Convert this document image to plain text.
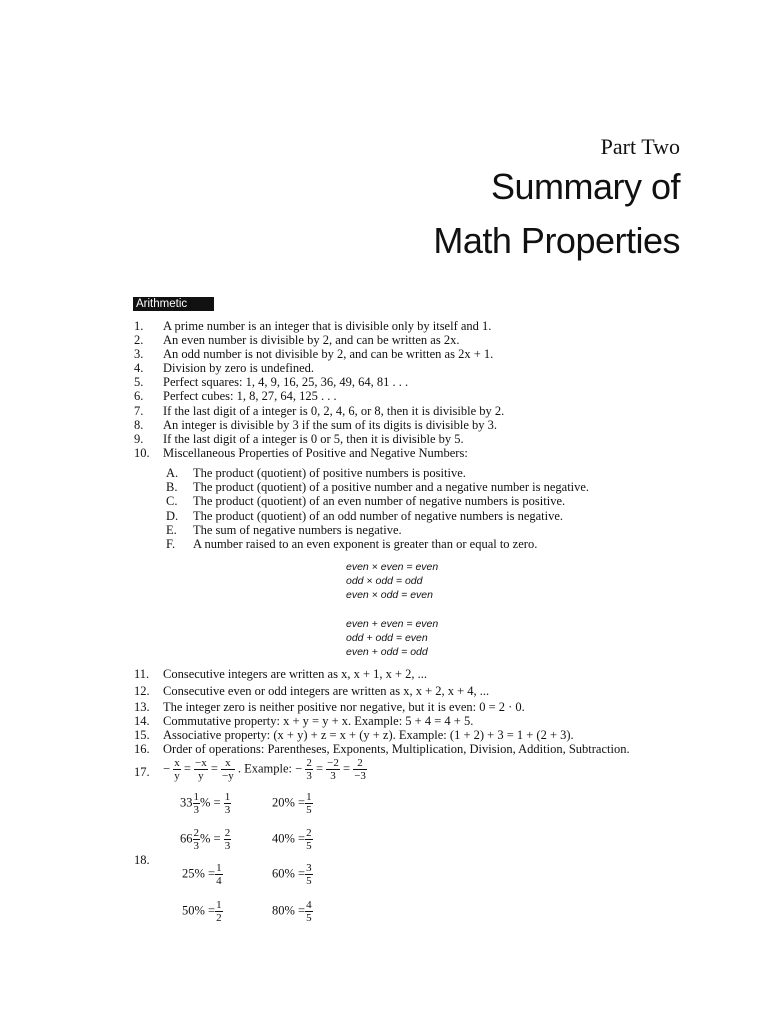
Part Two
Summary of
Math Properties
Arithmetic
1. A prime number is an integer that is divisible only by itself and 1.
2. An even number is divisible by 2, and can be written as 2x.
3. An odd number is not divisible by 2, and can be written as 2x + 1.
4. Division by zero is undefined.
5. Perfect squares: 1, 4, 9, 16, 25, 36, 49, 64, 81 . . .
6. Perfect cubes: 1, 8, 27, 64, 125 . . .
7. If the last digit of a integer is 0, 2, 4, 6, or 8, then it is divisible by 2.
8. An integer is divisible by 3 if the sum of its digits is divisible by 3.
9. If the last digit of a integer is 0 or 5, then it is divisible by 5.
10. Miscellaneous Properties of Positive and Negative Numbers:
A. The product (quotient) of positive numbers is positive.
B. The product (quotient) of a positive number and a negative number is negative.
C. The product (quotient) of an even number of negative numbers is positive.
D. The product (quotient) of an odd number of negative numbers is negative.
E. The sum of negative numbers is negative.
F. A number raised to an even exponent is greater than or equal to zero.
even × even = even
odd × odd = odd
even × odd = even
even + even = even
odd + odd = even
even + odd = odd
11. Consecutive integers are written as x, x + 1, x + 2, ...
12. Consecutive even or odd integers are written as x, x + 2, x + 4, ...
13. The integer zero is neither positive nor negative, but it is even: 0 = 2 · 0.
14. Commutative property: x + y = y + x. Example: 5 + 4 = 4 + 5.
15. Associative property: (x + y) + z = x + (y + z). Example: (1 + 2) + 3 = 1 + (2 + 3).
16. Order of operations: Parentheses, Exponents, Multiplication, Division, Addition, Subtraction.
17. − $\frac{x}{y} = \frac{-x}{y} = \frac{x}{-y}$ . Example: − $\frac{2}{3} = \frac{-2}{3} = \frac{2}{-3}$
18.
$33 \frac{1}{3}$ % = $\frac{1}{3}$	$20\% = \frac{1}{5}$
$66 \frac{2}{3}$ % = $\frac{2}{3}$	$40\% = \frac{2}{5}$
$25\% = \frac{1}{4}$	$60\% = \frac{3}{5}$
$50\% = \frac{1}{2}$	$80\% = \frac{4}{5}$
